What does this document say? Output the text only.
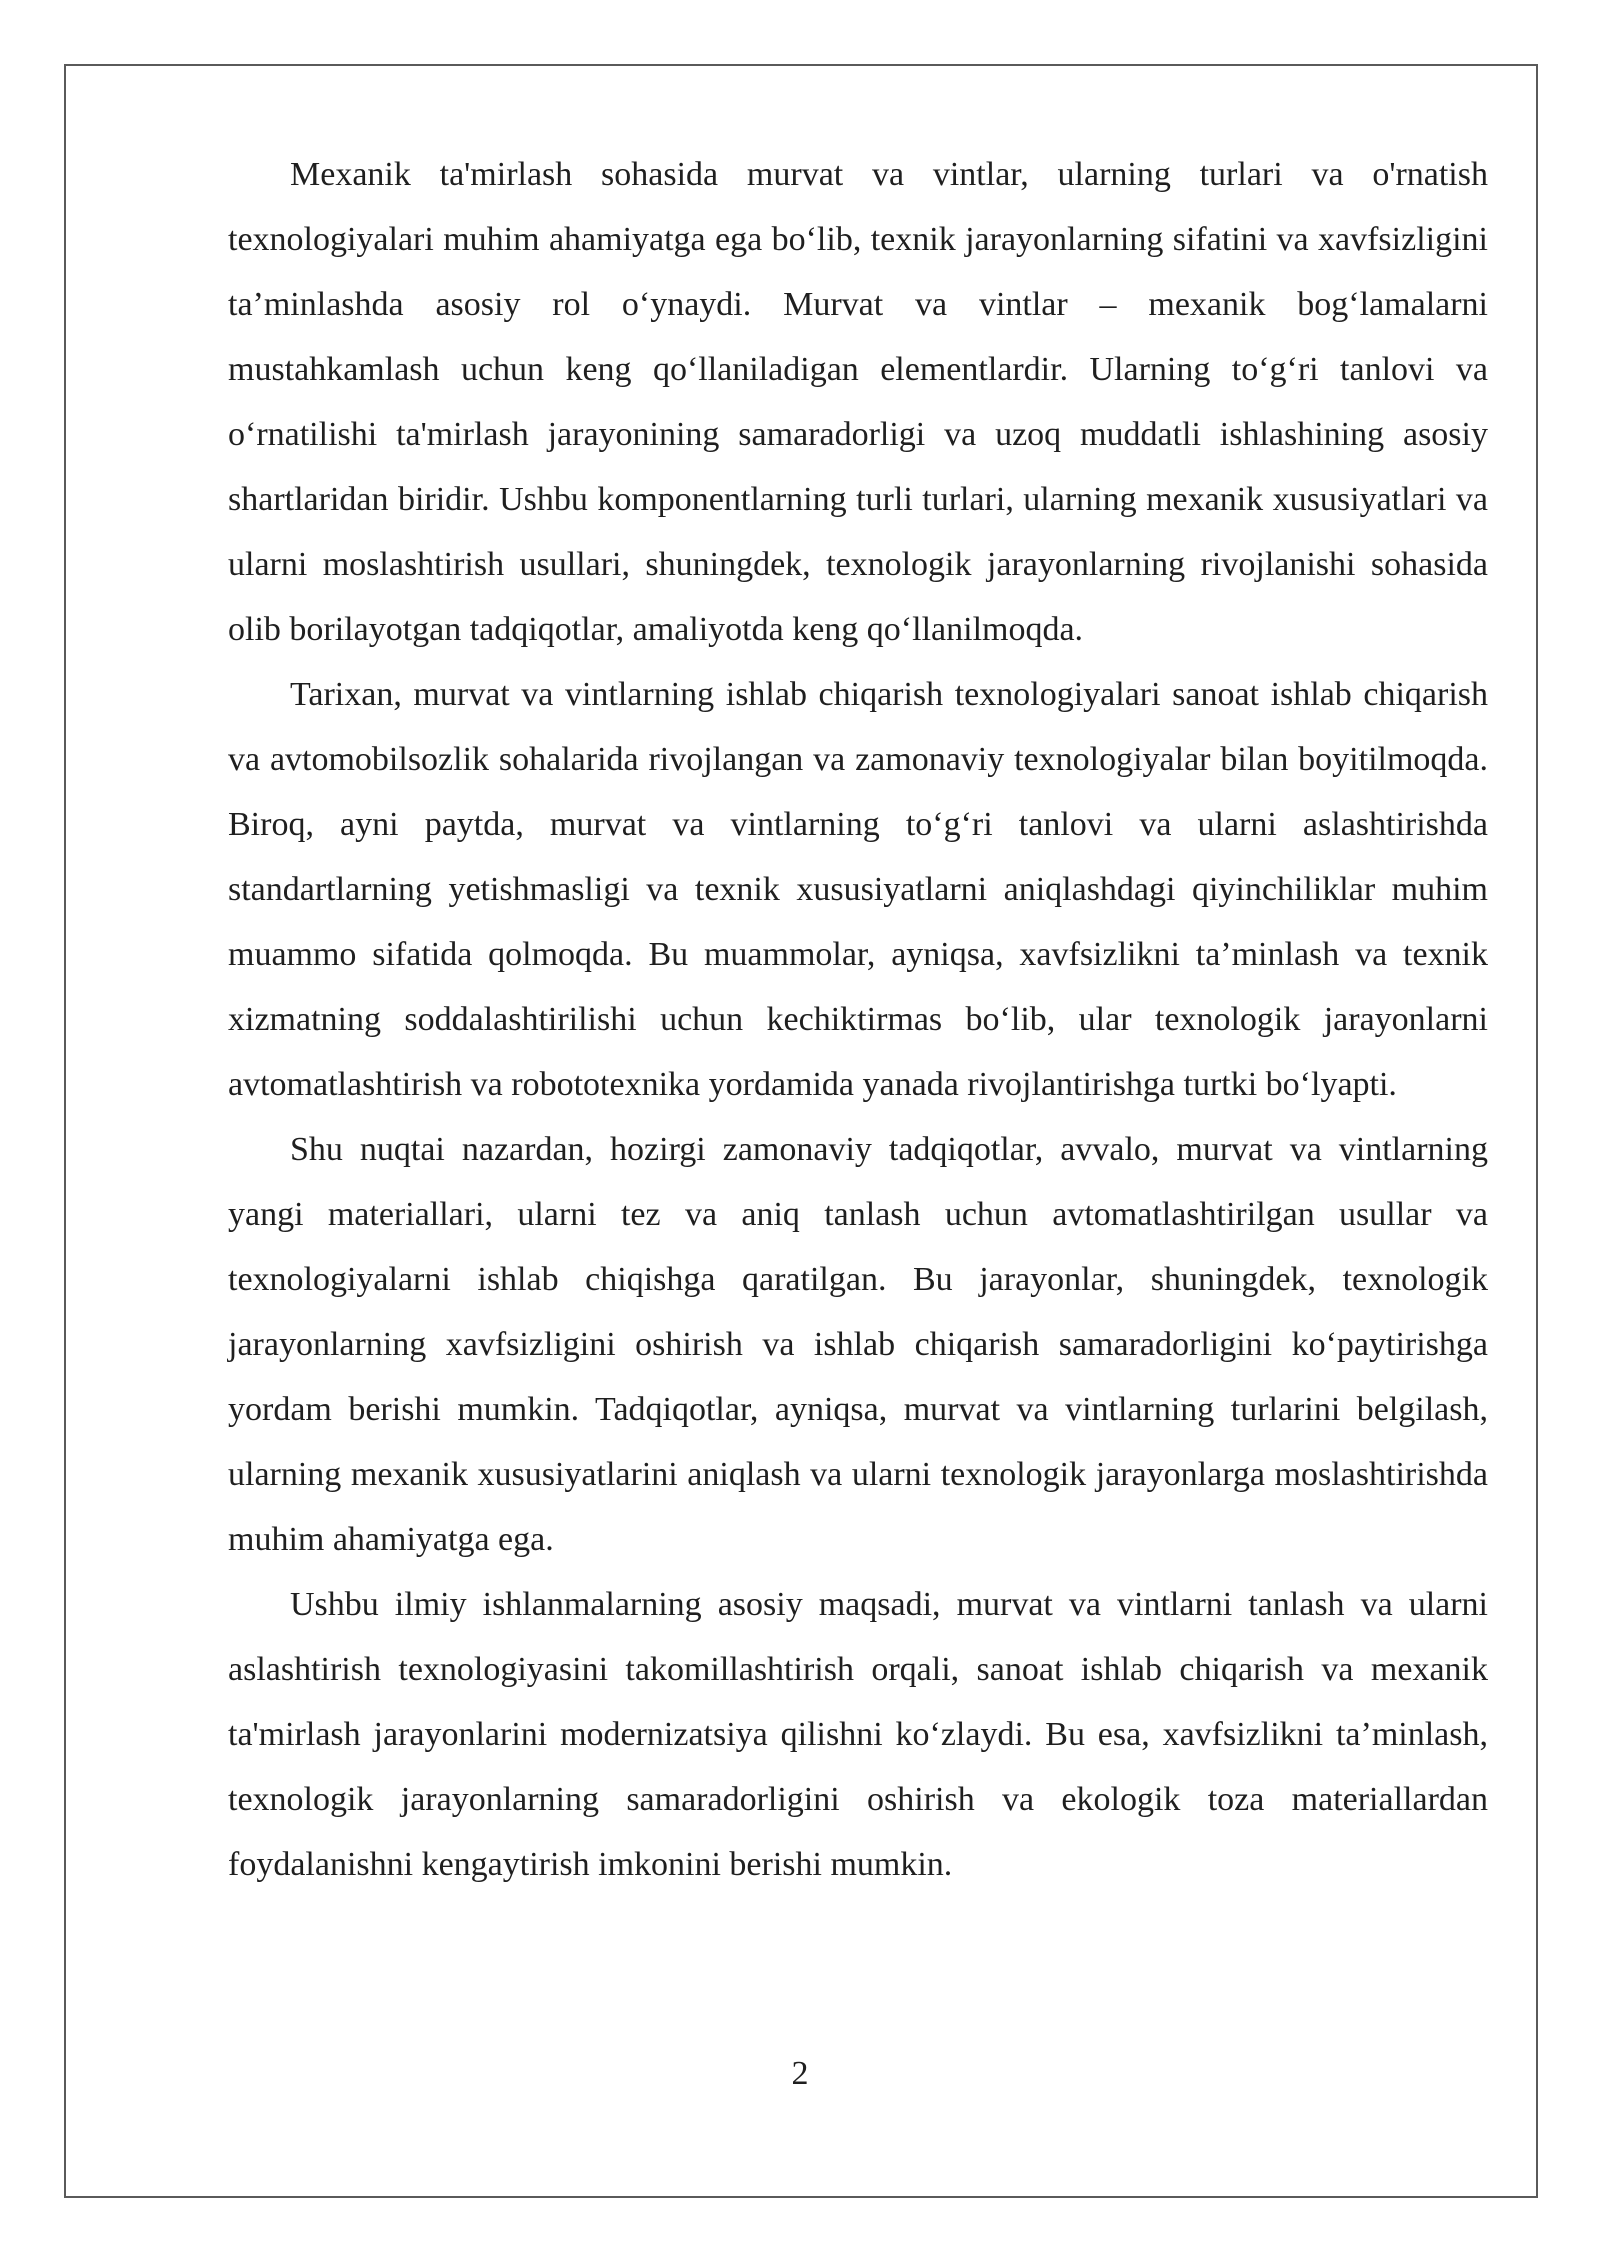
Mexanik ta'mirlash sohasida murvat va vintlar, ularning turlari va o'rnatish texnologiyalari muhim ahamiyatga ega bo‘lib, texnik jarayonlarning sifatini va xavfsizligini ta’minlashda asosiy rol o‘ynaydi. Murvat va vintlar – mexanik bog‘lamalarni mustahkamlash uchun keng qo‘llaniladigan elementlardir. Ularning to‘g‘ri tanlovi va o‘rnatilishi ta'mirlash jarayonining samaradorligi va uzoq muddatli ishlashining asosiy shartlaridan biridir. Ushbu komponentlarning turli turlari, ularning mexanik xususiyatlari va ularni moslashtirish usullari, shuningdek, texnologik jarayonlarning rivojlanishi sohasida olib borilayotgan tadqiqotlar, amaliyotda keng qo‘llanilmoqda.

Tarixan, murvat va vintlarning ishlab chiqarish texnologiyalari sanoat ishlab chiqarish va avtomobilsozlik sohalarida rivojlangan va zamonaviy texnologiyalar bilan boyitilmoqda. Biroq, ayni paytda, murvat va vintlarning to‘g‘ri tanlovi va ularni aslashtirishda standartlarning yetishmasligi va texnik xususiyatlarni aniqlashdagi qiyinchiliklar muhim muammo sifatida qolmoqda. Bu muammolar, ayniqsa, xavfsizlikni ta’minlash va texnik xizmatning soddalashtirilishi uchun kechiktirmas bo‘lib, ular texnologik jarayonlarni avtomatlashtirish va robototexnika yordamida yanada rivojlantirishga turtki bo‘lyapti.

Shu nuqtai nazardan, hozirgi zamonaviy tadqiqotlar, avvalo, murvat va vintlarning yangi materiallari, ularni tez va aniq tanlash uchun avtomatlashtirilgan usullar va texnologiyalarni ishlab chiqishga qaratilgan. Bu jarayonlar, shuningdek, texnologik jarayonlarning xavfsizligini oshirish va ishlab chiqarish samaradorligini ko‘paytirishga yordam berishi mumkin. Tadqiqotlar, ayniqsa, murvat va vintlarning turlarini belgilash, ularning mexanik xususiyatlarini aniqlash va ularni texnologik jarayonlarga moslashtirishda muhim ahamiyatga ega.

Ushbu ilmiy ishlanmalarning asosiy maqsadi, murvat va vintlarni tanlash va ularni aslashtirish texnologiyasini takomillashtirish orqali, sanoat ishlab chiqarish va mexanik ta'mirlash jarayonlarini modernizatsiya qilishni ko‘zlaydi. Bu esa, xavfsizlikni ta’minlash, texnologik jarayonlarning samaradorligini oshirish va ekologik toza materiallardan foydalanishni kengaytirish imkonini berishi mumkin.

2
